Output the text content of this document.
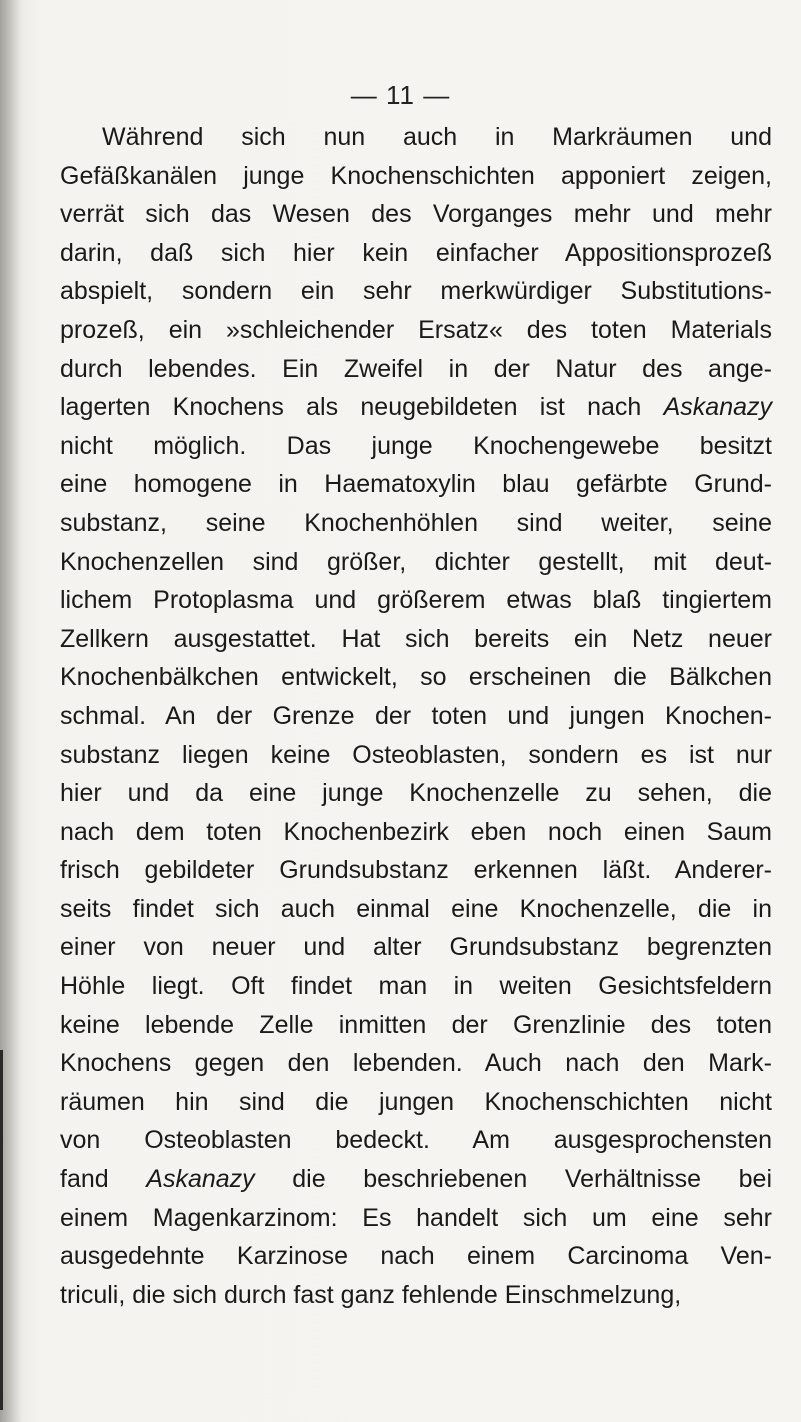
— 11 —
Während sich nun auch in Markräumen und
Gefäßkanälen junge Knochenschichten apponiert zeigen,
verrät sich das Wesen des Vorganges mehr und mehr
darin, daß sich hier kein einfacher Appositionsprozeß
abspielt, sondern ein sehr merkwürdiger Substitutions-
prozeß, ein »schleichender Ersatz« des toten Materials
durch lebendes. Ein Zweifel in der Natur des ange-
lagerten Knochens als neugebildeten ist nach Askanazy
nicht möglich. Das junge Knochengewebe besitzt
eine homogene in Haematoxylin blau gefärbte Grund-
substanz, seine Knochenhöhlen sind weiter, seine
Knochenzellen sind größer, dichter gestellt, mit deut-
lichem Protoplasma und größerem etwas blaß tingiertem
Zellkern ausgestattet. Hat sich bereits ein Netz neuer
Knochenbälkchen entwickelt, so erscheinen die Bälkchen
schmal. An der Grenze der toten und jungen Knochen-
substanz liegen keine Osteoblasten, sondern es ist nur
hier und da eine junge Knochenzelle zu sehen, die
nach dem toten Knochenbezirk eben noch einen Saum
frisch gebildeter Grundsubstanz erkennen läßt. Anderer-
seits findet sich auch einmal eine Knochenzelle, die in
einer von neuer und alter Grundsubstanz begrenzten
Höhle liegt. Oft findet man in weiten Gesichtsfeldern
keine lebende Zelle inmitten der Grenzlinie des toten
Knochens gegen den lebenden. Auch nach den Mark-
räumen hin sind die jungen Knochenschichten nicht
von Osteoblasten bedeckt. Am ausgesprochensten
fand Askanazy die beschriebenen Verhältnisse bei
einem Magenkarzinom: Es handelt sich um eine sehr
ausgedehnte Karzinose nach einem Carcinoma Ven-
triculi, die sich durch fast ganz fehlende Einschmelzung,
